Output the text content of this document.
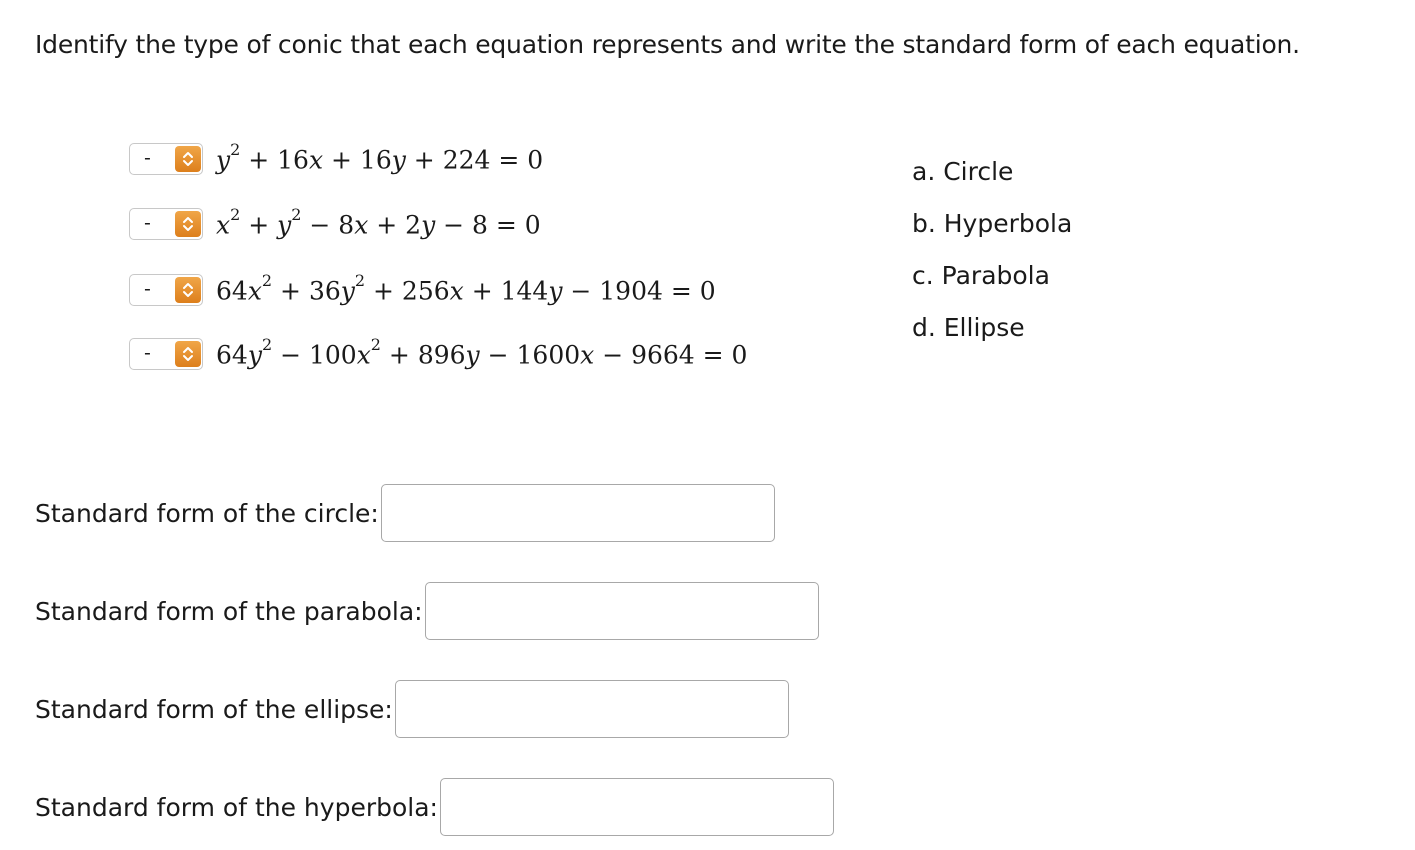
Identify the type of conic that each equation represents and write the standard form of each equation.
-	$y^2 + 16x + 16y + 224 = 0$
-	$x^2 + y^2 - 8x + 2y - 8 = 0$
-	$64x^2 + 36y^2 + 256x + 144y - 1904 = 0$
-	$64y^2 - 100x^2 + 896y - 1600x - 9664 = 0$
a. Circle
b. Hyperbola
c. Parabola
d. Ellipse
Standard form of the circle:
Standard form of the parabola:
Standard form of the ellipse:
Standard form of the hyperbola:
